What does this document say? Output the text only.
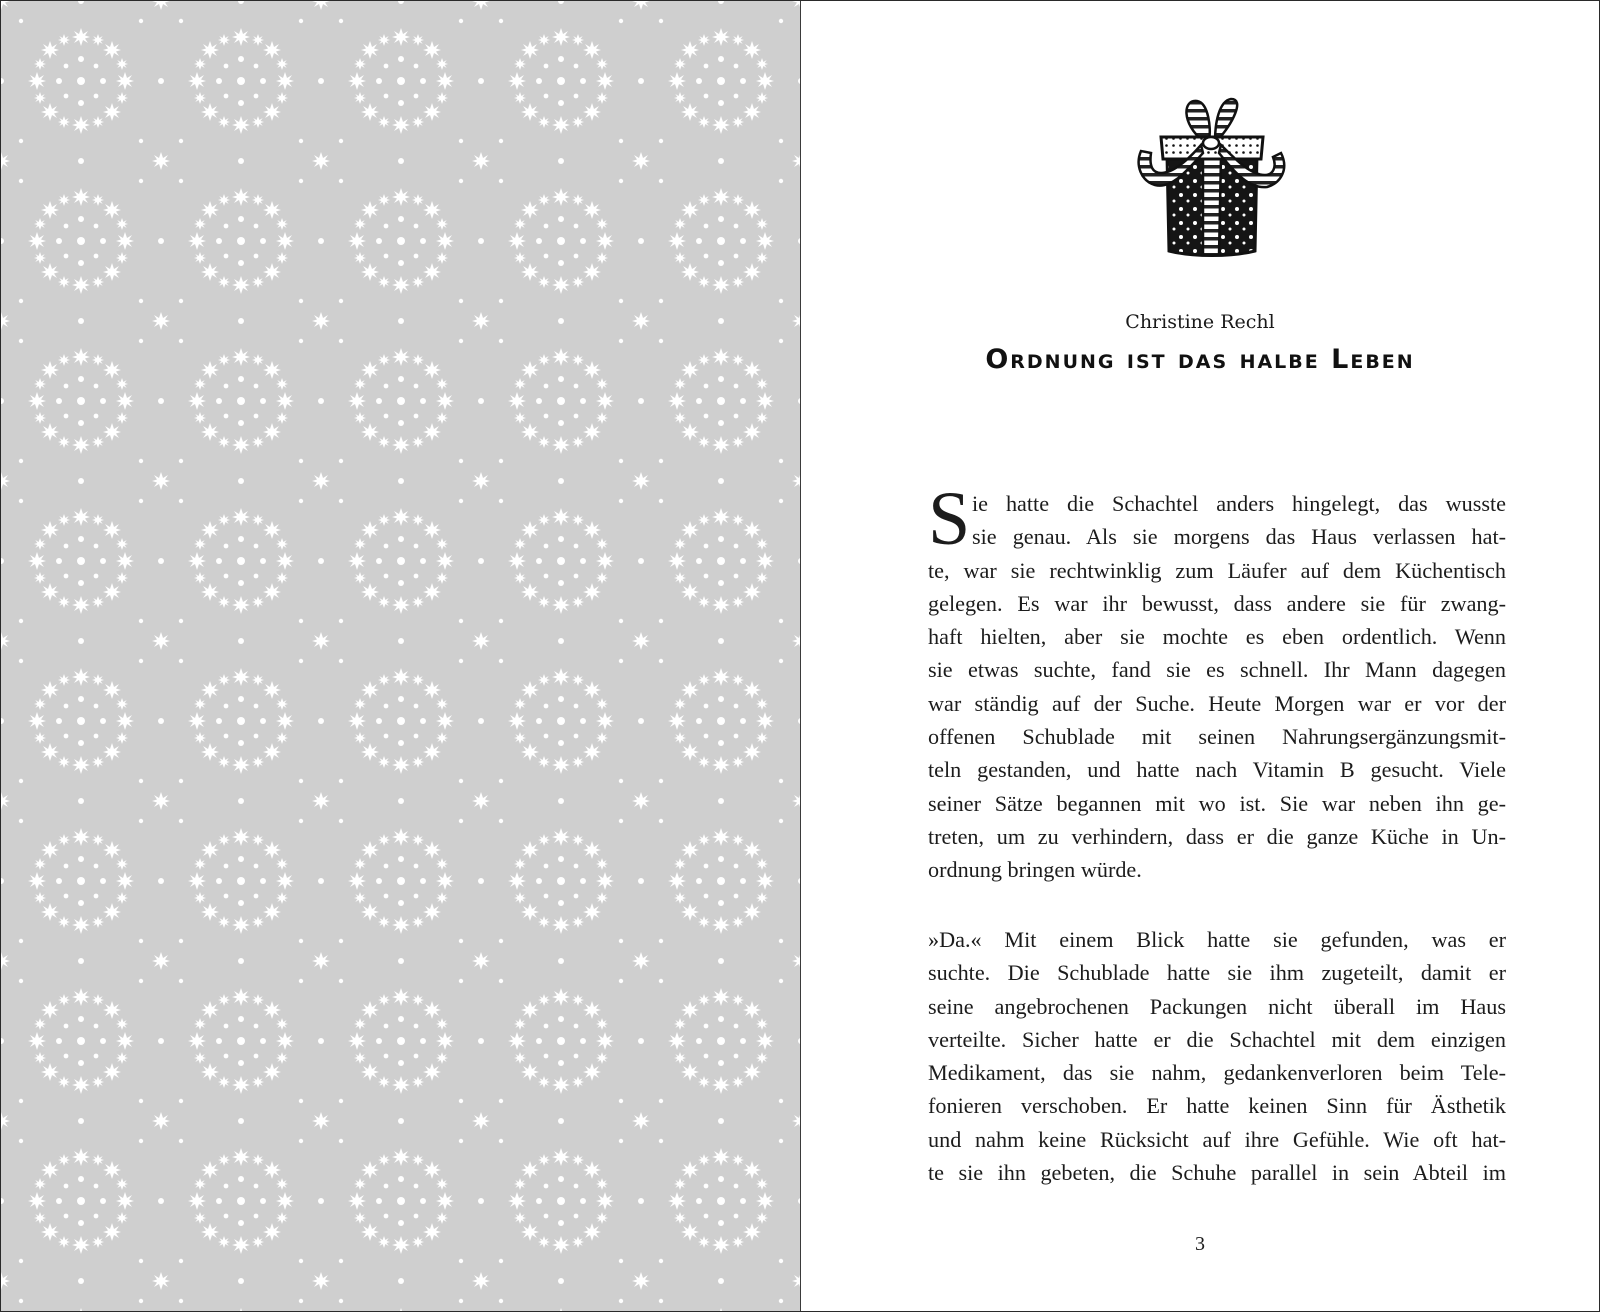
Christine Rechl
Ordnung ist das halbe Leben
S ie hatte die Schachtel anders hingelegt, das wusste
sie genau. Als sie morgens das Haus verlassen hat-
te, war sie rechtwinklig zum Läufer auf dem Küchentisch
gelegen. Es war ihr bewusst, dass andere sie für zwang-
haft hielten, aber sie mochte es eben ordentlich. Wenn
sie etwas suchte, fand sie es schnell. Ihr Mann dagegen
war ständig auf der Suche. Heute Morgen war er vor der
offenen Schublade mit seinen Nahrungsergänzungsmit-
teln gestanden, und hatte nach Vitamin B gesucht. Viele
seiner Sätze begannen mit wo ist. Sie war neben ihn ge-
treten, um zu verhindern, dass er die ganze Küche in Un-
ordnung bringen würde.
»Da.« Mit einem Blick hatte sie gefunden, was er
suchte. Die Schublade hatte sie ihm zugeteilt, damit er
seine angebrochenen Packungen nicht überall im Haus
verteilte. Sicher hatte er die Schachtel mit dem einzigen
Medikament, das sie nahm, gedankenverloren beim Tele-
fonieren verschoben. Er hatte keinen Sinn für Ästhetik
und nahm keine Rücksicht auf ihre Gefühle. Wie oft hat-
te sie ihn gebeten, die Schuhe parallel in sein Abteil im
3
